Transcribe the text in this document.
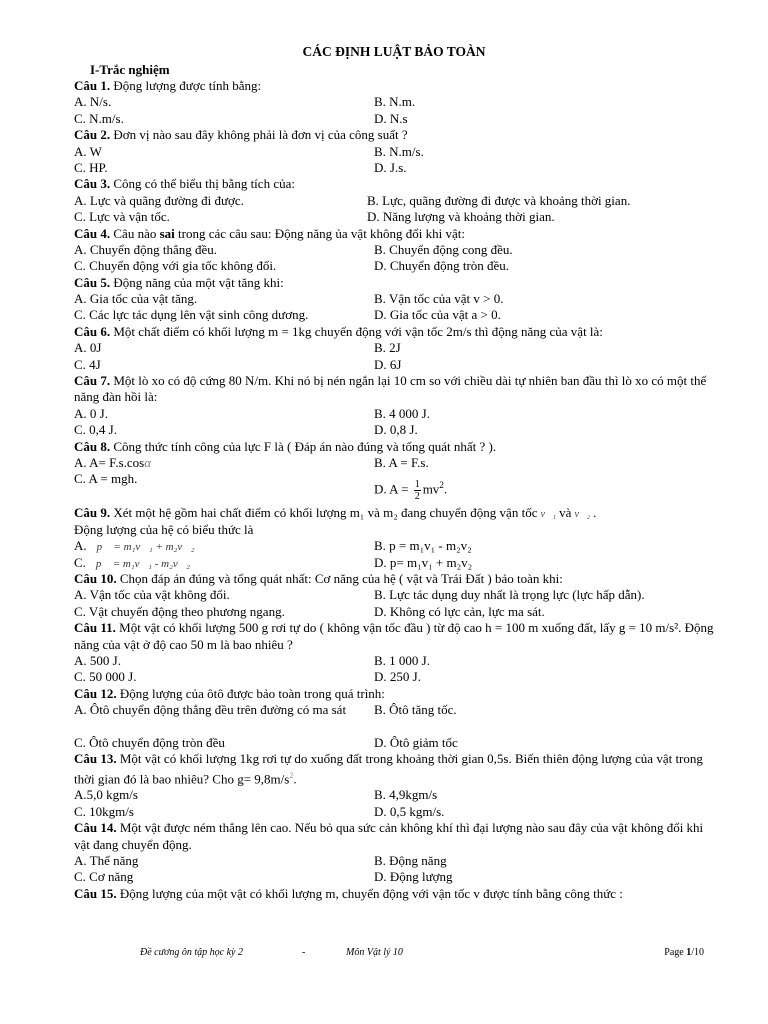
CÁC ĐỊNH LUẬT BẢO TOÀN
I-Trắc nghiệm
Câu 1. Động lượng được tính bằng:
A. N/s.	B. N.m.
C. N.m/s.	D. N.s
Câu 2. Đơn vị nào sau đây không phải là đơn vị của công suất ?
A. W	B. N.m/s.
C. HP.	D. J.s.
Câu 3. Công có thể biểu thị bằng tích của:
A. Lực và quãng đường đi được.	B. Lực, quãng đường đi được và khoảng thời gian.
C. Lực và vận tốc.	D. Năng lượng và khoảng thời gian.
Câu 4. Câu nào sai trong các câu sau: Động năng ủa vật không đổi khi vật:
A. Chuyển động thẳng đều.	B. Chuyển động cong đều.
C. Chuyển động với gia tốc không đổi.	D. Chuyển động tròn đều.
Câu 5. Động năng của một vật tăng khi:
A. Gia tốc của vật tăng.	B. Vận tốc của vật v > 0.
C. Các lực tác dụng lên vật sinh công dương.	D. Gia tốc của vật a > 0.
Câu 6. Một chất điểm có khối lượng m = 1kg chuyển động với vận tốc 2m/s thì động năng của vật là:
A. 0J	B. 2J
C. 4J	D. 6J
Câu 7. Một lò xo có độ cứng 80 N/m. Khi nó bị nén ngắn lại 10 cm so với chiều dài tự nhiên ban đầu thì lò xo có một thế năng đàn hồi là:
A. 0 J.	B. 4 000 J.
C. 0,4 J.	D. 0,8 J.
Câu 8. Công thức tính công của lực F là ( Đáp án nào đúng và tổng quát nhất ? ).
A. A= F.s.cosα	B. A = F.s.
C. A = mgh.
D. $A = \frac{1}{2} mv^2$.
Câu 9. Xét một hệ gồm hai chất điểm có khối lượng m₁ và m₂ đang chuyển động vận tốc v⃗₁ và v⃗₂ .
Động lượng của hệ có biểu thức là
A. p⃗ = m₁v⃗₁ + m₂v⃗₂	B. p = m₁v₁ - m₂v₂
C. p⃗ = m₁v⃗₁ - m₂v⃗₂	D. p= m₁v₁ + m₂v₂
Câu 10. Chọn đáp án đúng và tổng quát nhất: Cơ năng của hệ ( vật và Trái Đất ) bảo toàn khi:
A. Vận tốc của vật không đổi.	B. Lực tác dụng duy nhất là trọng lực (lực hấp dẫn).
C. Vật chuyển động theo phương ngang.	D. Không có lực cản, lực ma sát.
Câu 11. Một vật có khối lượng 500 g rơi tự do ( không vận tốc đầu ) từ độ cao h = 100 m xuống đất, lấy g = 10 m/s². Động năng của vật ở độ cao 50 m là bao nhiêu ?
A. 500 J.	B. 1 000 J.
C. 50 000 J.	D. 250 J.
Câu 12. Động lượng của ôtô được bảo toàn trong quá trình:
A. Ôtô chuyển động thẳng đều trên đường có ma sát	B. Ôtô tăng tốc.
C. Ôtô chuyển động tròn đều	D. Ôtô giảm tốc
Câu 13. Một vật có khối lượng 1kg rơi tự do xuống đất trong khoảng thời gian 0,5s. Biến thiên động lượng của vật trong thời gian đó là bao nhiêu? Cho $g= 9,8m/s^2$.
A.5,0 kgm/s	B. 4,9kgm/s
C. 10kgm/s	D. 0,5 kgm/s.
Câu 14. Một vật được ném thẳng lên cao. Nếu bỏ qua sức cản không khí thì đại lượng nào sau đây của vật không đổi khi vật đang chuyển động.
A. Thế năng	B. Động năng
C. Cơ năng	D. Động lượng
Câu 15. Động lượng của một vật có khối lượng m, chuyển động với vận tốc v được tính bằng công thức :
Đề cương ôn tập học kỳ 2	-	Môn Vật lý 10	Page 1/10
